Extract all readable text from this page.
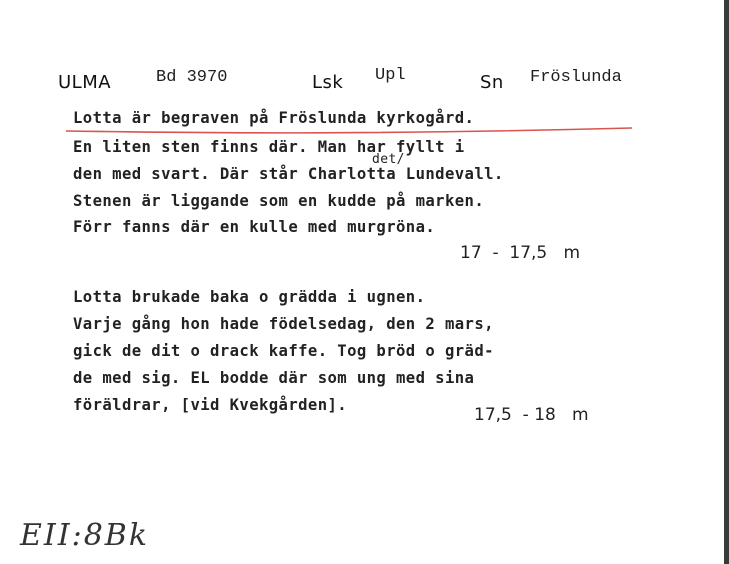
ULMA	Bd 3970	Lsk Upl	Sn Fröslunda
Lotta är begraven på Fröslunda kyrkogård.
En liten sten finns där. Man har fyllt i
det/
den med svart. Där står Charlotta Lundevall.
Stenen är liggande som en kudde på marken.
Förr fanns där en kulle med murgröna.
17  -  17,5   m
Lotta brukade baka o grädda i ugnen.
Varje gång hon hade födelsedag, den 2 mars,
gick de dit o drack kaffe. Tog bröd o gräd-
de med sig. EL bodde där som ung med sina
föräldrar, [vid Kvekgården].	17,5  - 18   m
EII:8Bk
